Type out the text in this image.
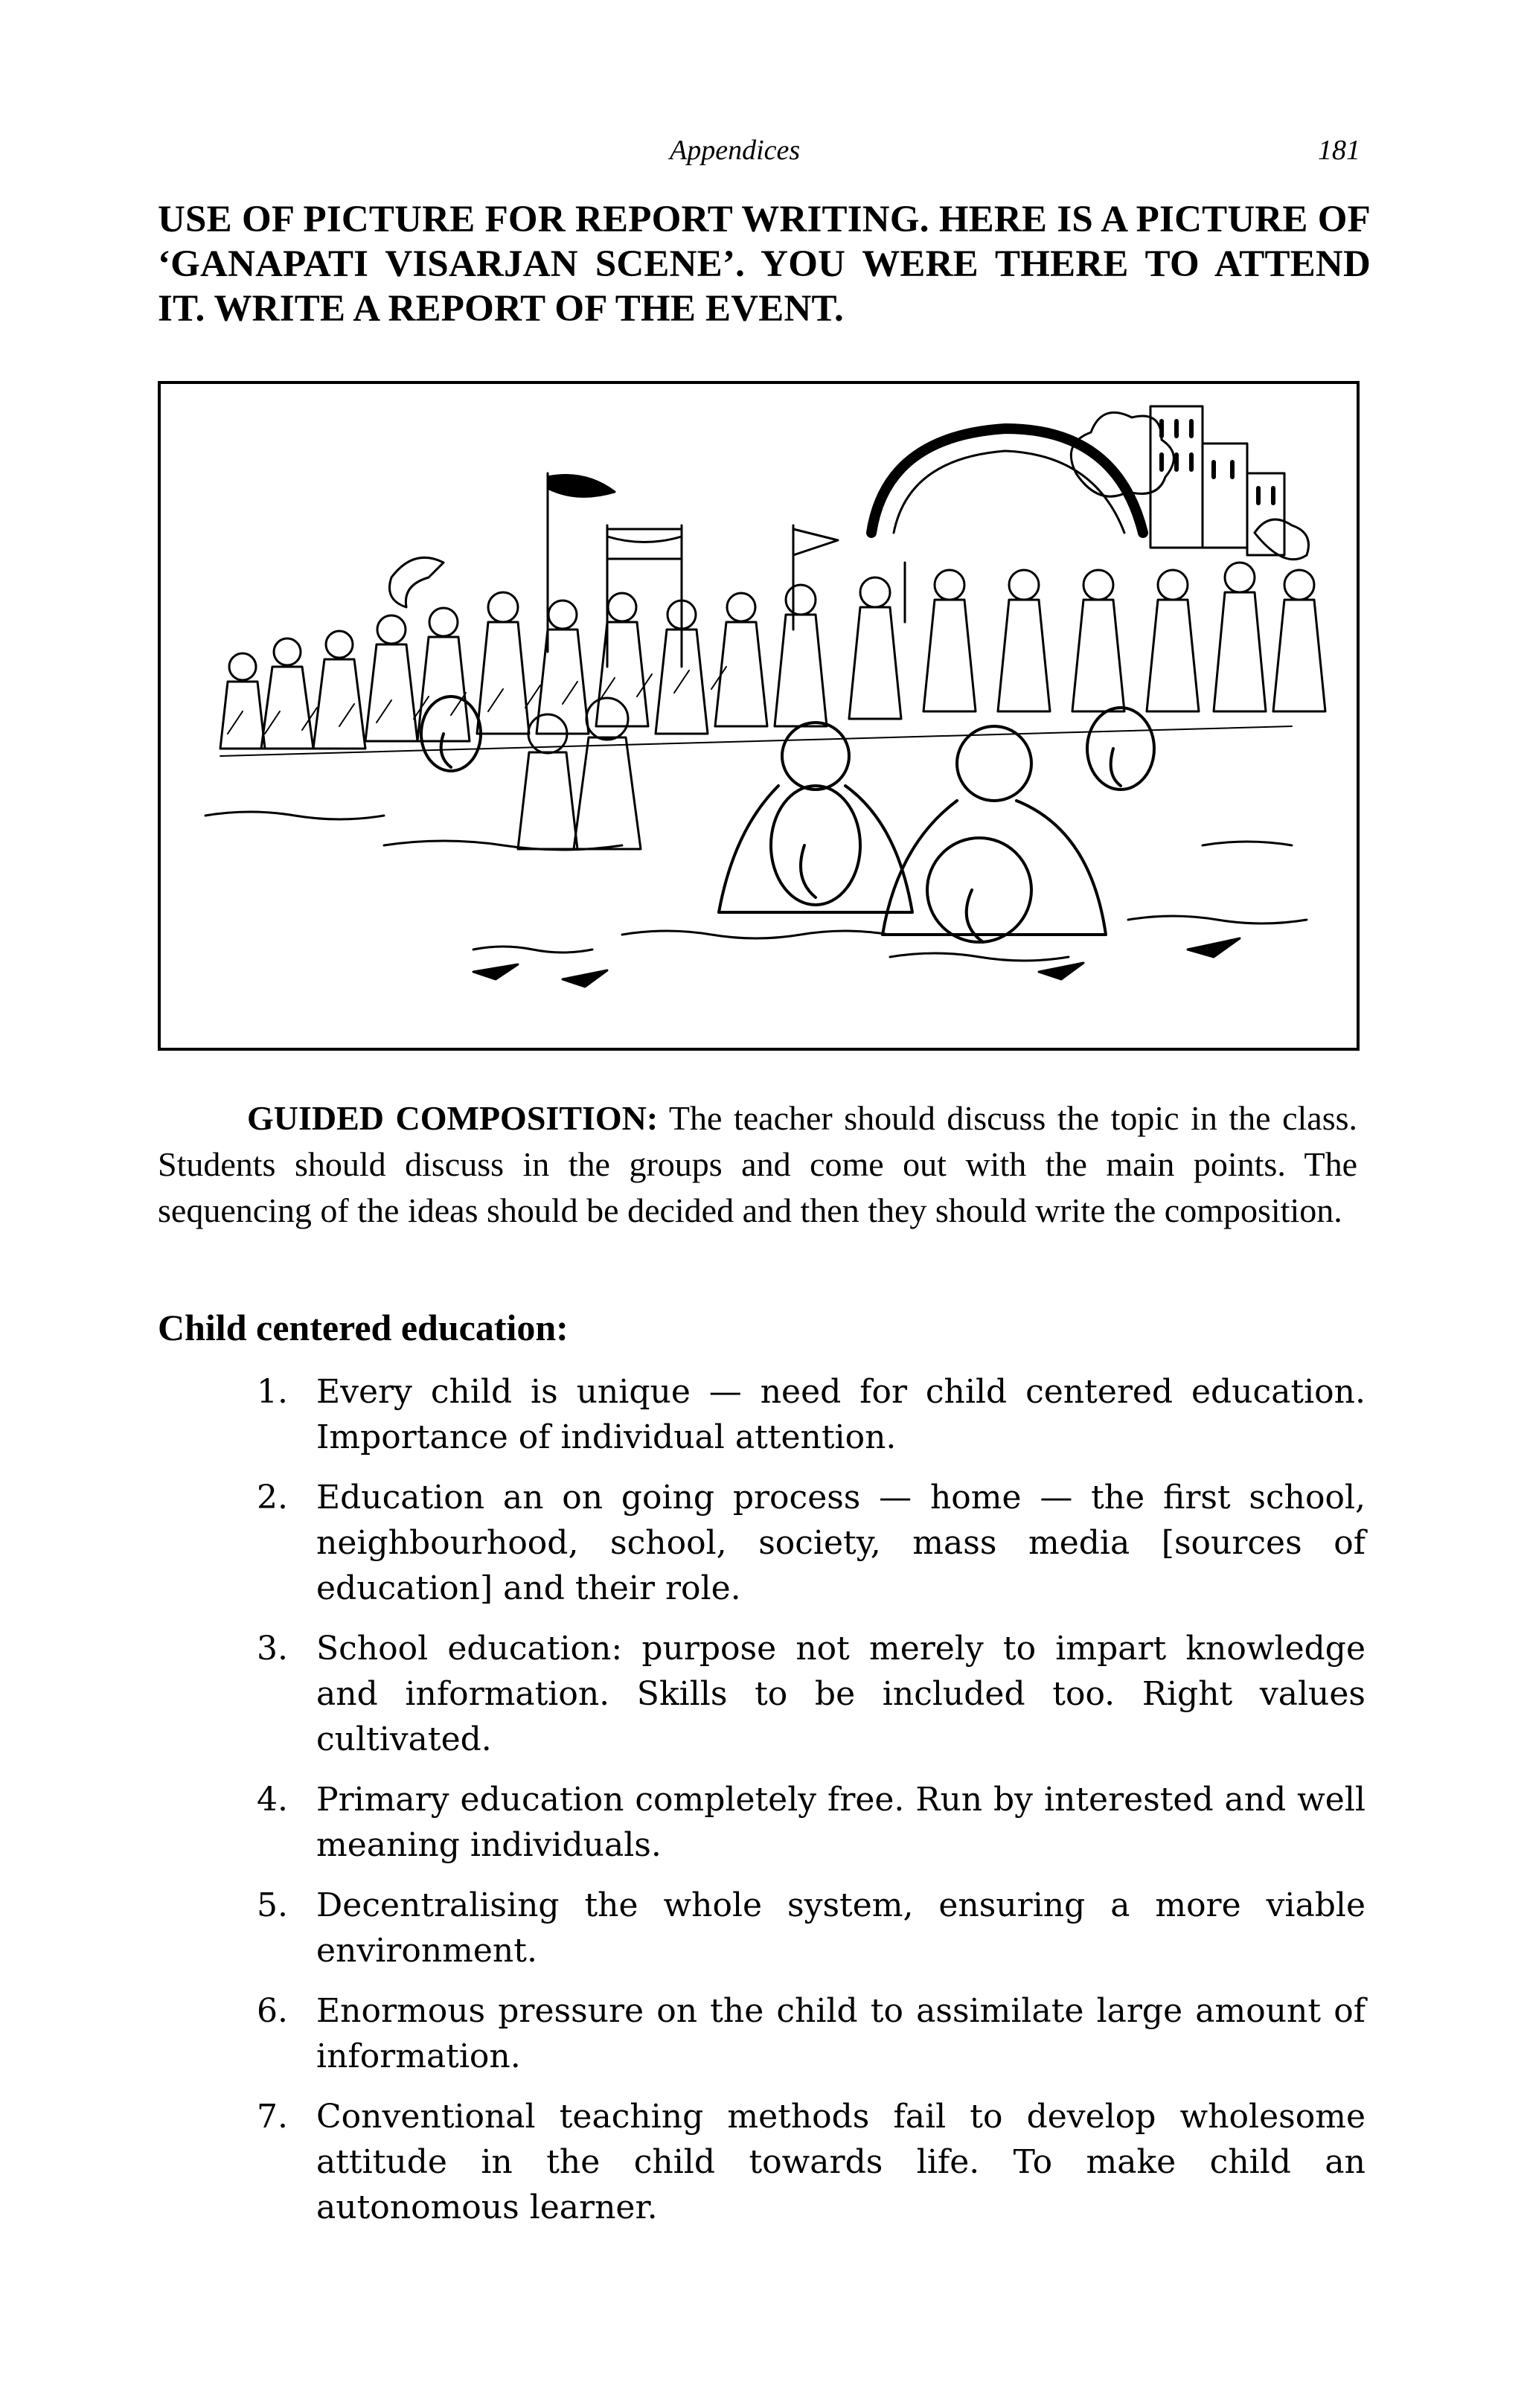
Appendices	181
USE OF PICTURE FOR REPORT WRITING. HERE IS A PICTURE OF ‘GANAPATI VISARJAN SCENE’. YOU WERE THERE TO ATTEND IT. WRITE A REPORT OF THE EVENT.
GUIDED COMPOSITION: The teacher should discuss the topic in the class. Students should discuss in the groups and come out with the main points. The sequencing of the ideas should be decided and then they should write the composition.
Child centered education:
1. Every child is unique — need for child centered education. Importance of individual attention.
2. Education an on going process — home — the first school, neighbourhood, school, society, mass media [sources of education] and their role.
3. School education: purpose not merely to impart knowledge and information. Skills to be included too. Right values cultivated.
4. Primary education completely free. Run by interested and well meaning individuals.
5. Decentralising the whole system, ensuring a more viable environment.
6. Enormous pressure on the child to assimilate large amount of information.
7. Conventional teaching methods fail to develop wholesome attitude in the child towards life. To make child an autonomous learner.
